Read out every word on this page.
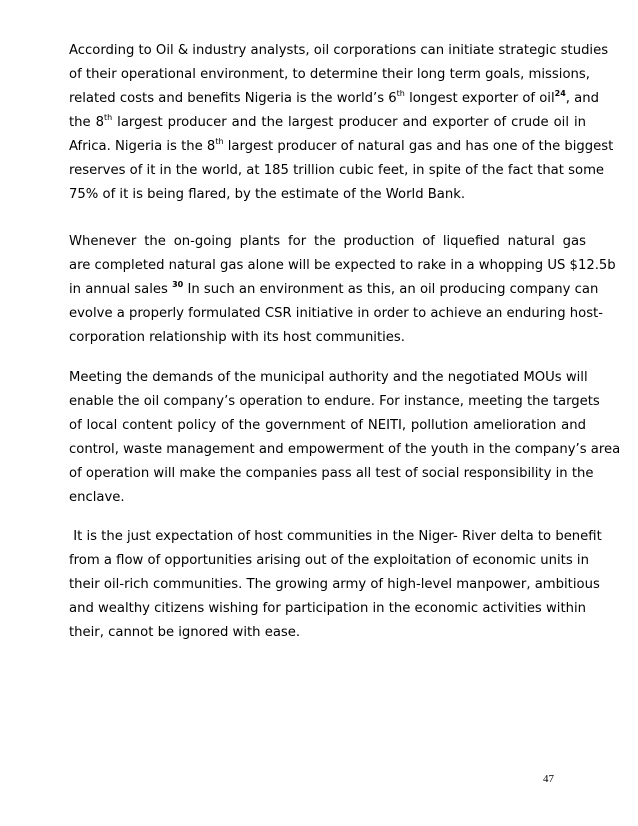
According to Oil & industry analysts, oil corporations can initiate strategic studies
of their operational environment, to determine their long term goals, missions,
related costs and benefits Nigeria is the world’s 6th longest exporter of oil$^{24}$, and
the 8th largest producer and the largest producer and exporter of crude oil in
Africa. Nigeria is the 8th largest producer of natural gas and has one of the biggest
reserves of it in the world, at 185 trillion cubic feet, in spite of the fact that some
75% of it is being flared, by the estimate of the World Bank.
Whenever the on-going plants for the production of liquefied natural gas
are completed natural gas alone will be expected to rake in a whopping US $12.5b
in annual sales $^{30}$ In such an environment as this, an oil producing company can
evolve a properly formulated CSR initiative in order to achieve an enduring host-
corporation relationship with its host communities.
Meeting the demands of the municipal authority and the negotiated MOUs will
enable the oil company’s operation to endure. For instance, meeting the targets
of local content policy of the government of NEITI, pollution amelioration and
control, waste management and empowerment of the youth in the company’s area
of operation will make the companies pass all test of social responsibility in the
enclave.
It is the just expectation of host communities in the Niger- River delta to benefit
from a flow of opportunities arising out of the exploitation of economic units in
their oil-rich communities. The growing army of high-level manpower, ambitious
and wealthy citizens wishing for participation in the economic activities within
their, cannot be ignored with ease.
47
